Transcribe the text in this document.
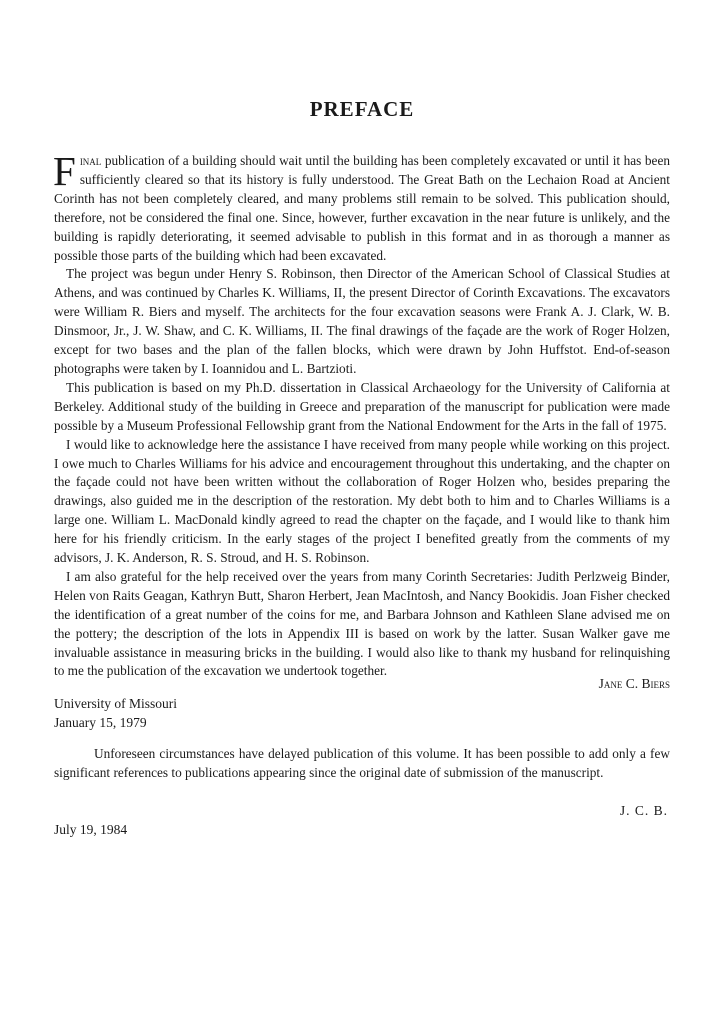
PREFACE

Final publication of a building should wait until the building has been completely excavated or until it has been sufficiently cleared so that its history is fully understood. The Great Bath on the Lechaion Road at Ancient Corinth has not been completely cleared, and many problems still remain to be solved. This publication should, therefore, not be considered the final one. Since, however, further excavation in the near future is unlikely, and the building is rapidly deteriorating, it seemed advisable to publish in this format and in as thorough a manner as possible those parts of the building which had been excavated.

The project was begun under Henry S. Robinson, then Director of the American School of Classical Studies at Athens, and was continued by Charles K. Williams, II, the present Director of Corinth Excavations. The excavators were William R. Biers and myself. The architects for the four excavation seasons were Frank A. J. Clark, W. B. Dinsmoor, Jr., J. W. Shaw, and C. K. Williams, II. The final drawings of the façade are the work of Roger Holzen, except for two bases and the plan of the fallen blocks, which were drawn by John Huffstot. End-of-season photographs were taken by I. Ioannidou and L. Bartzioti.

This publication is based on my Ph.D. dissertation in Classical Archaeology for the University of California at Berkeley. Additional study of the building in Greece and preparation of the manuscript for publication were made possible by a Museum Professional Fellowship grant from the National Endowment for the Arts in the fall of 1975.

I would like to acknowledge here the assistance I have received from many people while working on this project. I owe much to Charles Williams for his advice and encouragement throughout this undertaking, and the chapter on the façade could not have been written without the collaboration of Roger Holzen who, besides preparing the drawings, also guided me in the description of the restoration. My debt both to him and to Charles Williams is a large one. William L. MacDonald kindly agreed to read the chapter on the façade, and I would like to thank him here for his friendly criticism. In the early stages of the project I benefited greatly from the comments of my advisors, J. K. Anderson, R. S. Stroud, and H. S. Robinson.

I am also grateful for the help received over the years from many Corinth Secretaries: Judith Perlzweig Binder, Helen von Raits Geagan, Kathryn Butt, Sharon Herbert, Jean MacIntosh, and Nancy Bookidis. Joan Fisher checked the identification of a great number of the coins for me, and Barbara Johnson and Kathleen Slane advised me on the pottery; the description of the lots in Appendix III is based on work by the latter. Susan Walker gave me invaluable assistance in measuring bricks in the building. I would also like to thank my husband for relinquishing to me the publication of the excavation we undertook together.

Jane C. Biers
University of Missouri
January 15, 1979

Unforeseen circumstances have delayed publication of this volume. It has been possible to add only a few significant references to publications appearing since the original date of submission of the manuscript.

J. C. B.
July 19, 1984
